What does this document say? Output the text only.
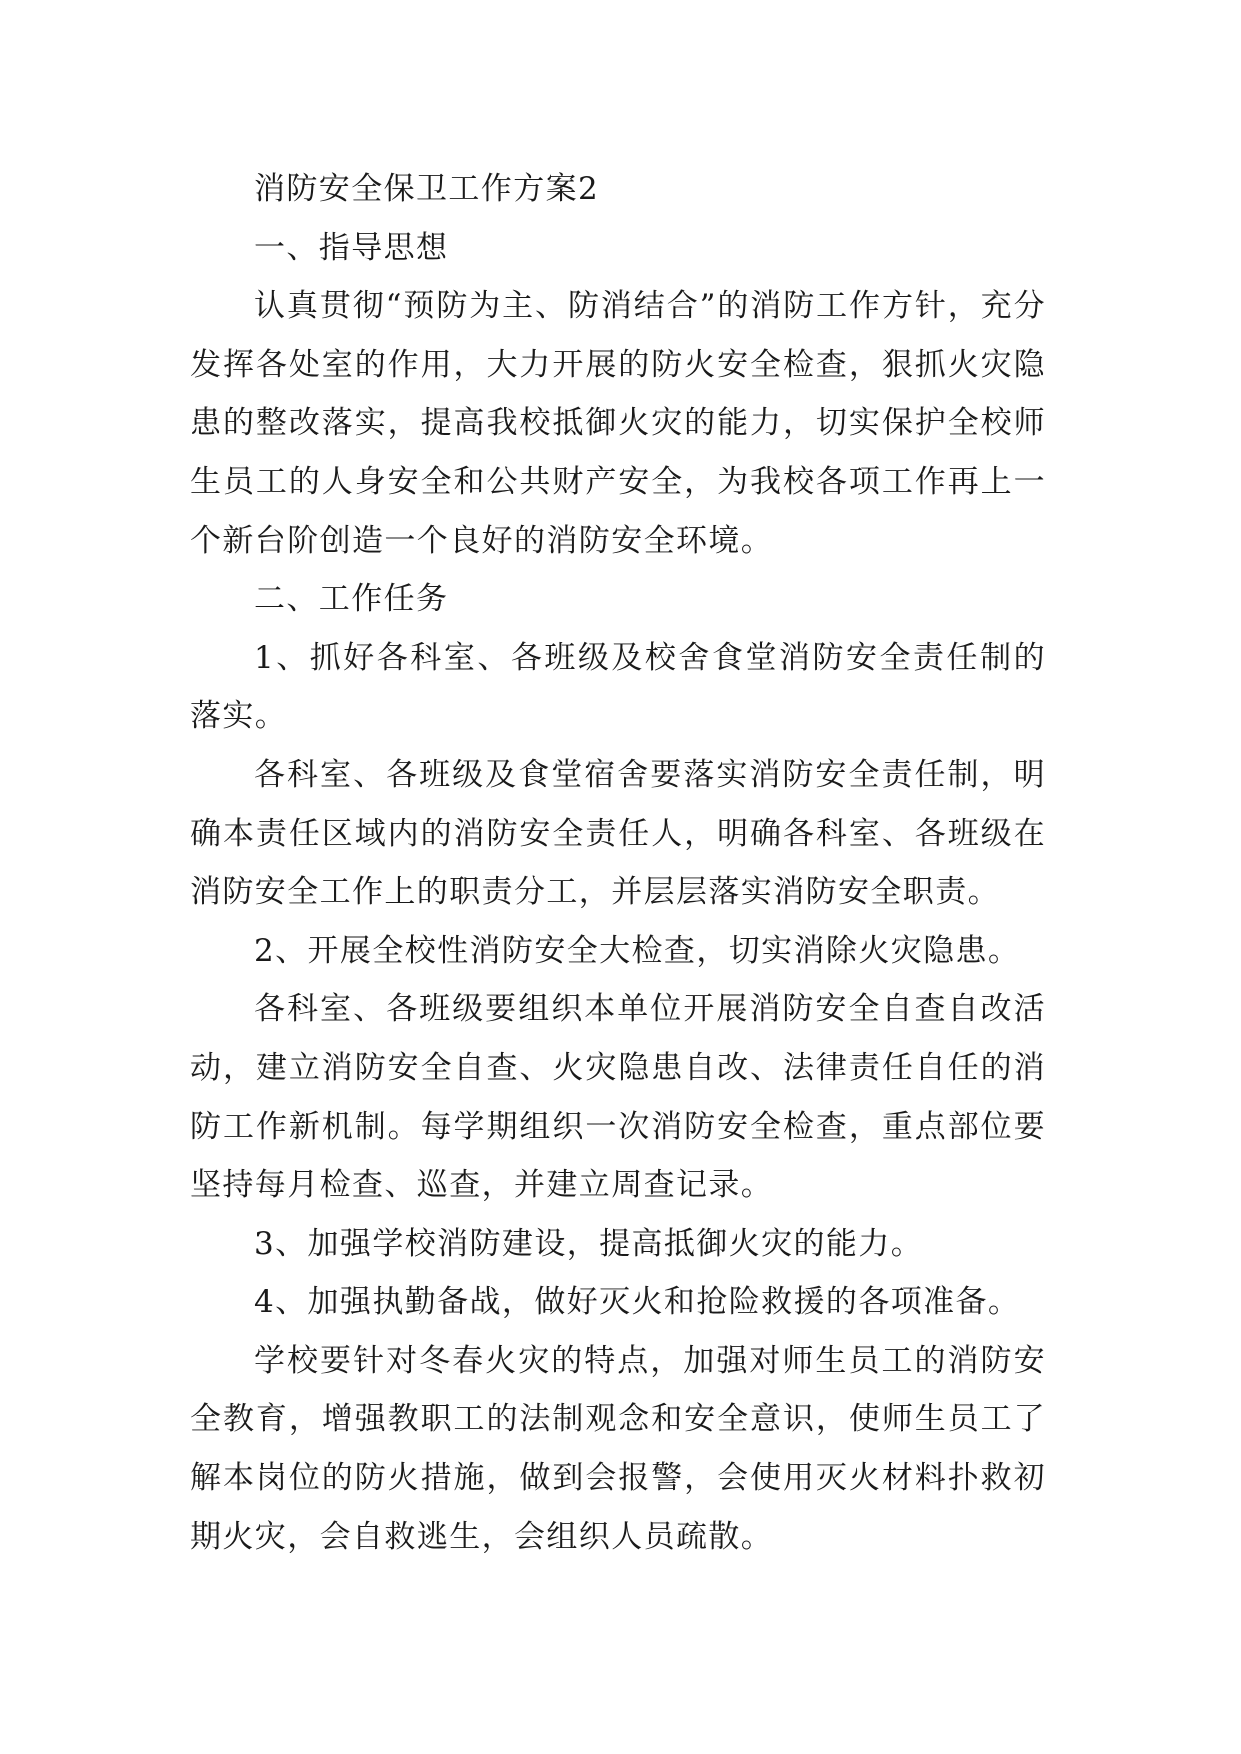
消防安全保卫工作方案2

一、指导思想

认真贯彻“预防为主、防消结合”的消防工作方针，充分发挥各处室的作用，大力开展的防火安全检查，狠抓火灾隐患的整改落实，提高我校抵御火灾的能力，切实保护全校师生员工的人身安全和公共财产安全，为我校各项工作再上一个新台阶创造一个良好的消防安全环境。

二、工作任务

1、抓好各科室、各班级及校舍食堂消防安全责任制的落实。

各科室、各班级及食堂宿舍要落实消防安全责任制，明确本责任区域内的消防安全责任人，明确各科室、各班级在消防安全工作上的职责分工，并层层落实消防安全职责。

2、开展全校性消防安全大检查，切实消除火灾隐患。

各科室、各班级要组织本单位开展消防安全自查自改活动，建立消防安全自查、火灾隐患自改、法律责任自任的消防工作新机制。每学期组织一次消防安全检查，重点部位要坚持每月检查、巡查，并建立周查记录。

3、加强学校消防建设，提高抵御火灾的能力。

4、加强执勤备战，做好灭火和抢险救援的各项准备。

学校要针对冬春火灾的特点，加强对师生员工的消防安全教育，增强教职工的法制观念和安全意识，使师生员工了解本岗位的防火措施，做到会报警，会使用灭火材料扑救初期火灾，会自救逃生，会组织人员疏散。
